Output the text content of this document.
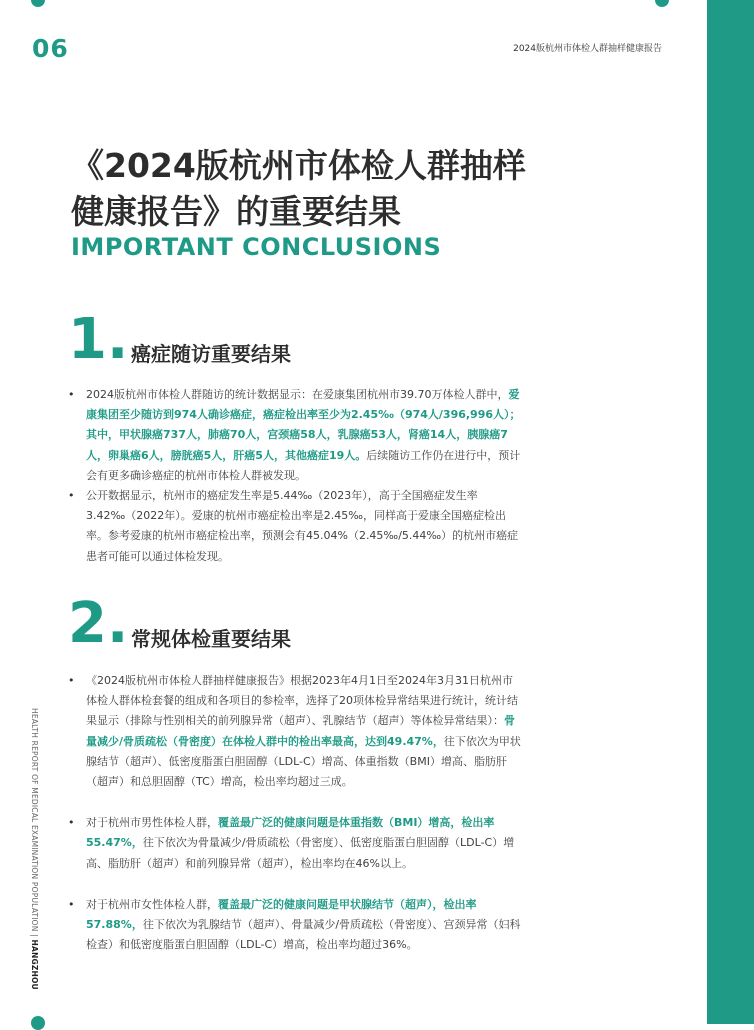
06	2024版杭州市体检人群抽样健康报告
《2024版杭州市体检人群抽样
健康报告》的重要结果
IMPORTANT CONCLUSIONS
1. 癌症随访重要结果
• 2024版杭州市体检人群随访的统计数据显示：在爱康集团杭州市39.70万体检人群中，爱康集团至少随访到974人确诊癌症，癌症检出率至少为2.45‰（974人/396,996人）；其中，甲状腺癌737人，肺癌70人，宫颈癌58人，乳腺癌53人，肾癌14人，胰腺癌7人，卵巢癌6人，膀胱癌5人，肝癌5人，其他癌症19人。后续随访工作仍在进行中，预计会有更多确诊癌症的杭州市体检人群被发现。
• 公开数据显示，杭州市的癌症发生率是5.44‰（2023年），高于全国癌症发生率3.42‰（2022年）。爱康的杭州市癌症检出率是2.45‰，同样高于爱康全国癌症检出率。参考爱康的杭州市癌症检出率，预测会有45.04%（2.45‰/5.44‰）的杭州市癌症患者可能可以通过体检发现。
2. 常规体检重要结果
• 《2024版杭州市体检人群抽样健康报告》根据2023年4月1日至2024年3月31日杭州市体检人群体检套餐的组成和各项目的参检率，选择了20项体检异常结果进行统计，统计结果显示（排除与性别相关的前列腺异常（超声）、乳腺结节（超声）等体检异常结果）：骨量减少/骨质疏松（骨密度）在体检人群中的检出率最高，达到49.47%，往下依次为甲状腺结节（超声）、低密度脂蛋白胆固醇（LDL-C）增高、体重指数（BMI）增高、脂肪肝（超声）和总胆固醇（TC）增高，检出率均超过三成。
• 对于杭州市男性体检人群，覆盖最广泛的健康问题是体重指数（BMI）增高，检出率55.47%，往下依次为骨量减少/骨质疏松（骨密度）、低密度脂蛋白胆固醇（LDL-C）增高、脂肪肝（超声）和前列腺异常（超声），检出率均在46%以上。
• 对于杭州市女性体检人群，覆盖最广泛的健康问题是甲状腺结节（超声），检出率57.88%，往下依次为乳腺结节（超声）、骨量减少/骨质疏松（骨密度）、宫颈异常（妇科检查）和低密度脂蛋白胆固醇（LDL-C）增高，检出率均超过36%。
HEALTH REPORT OF MEDICAL EXAMINATION POPULATION | HANGZHOU
